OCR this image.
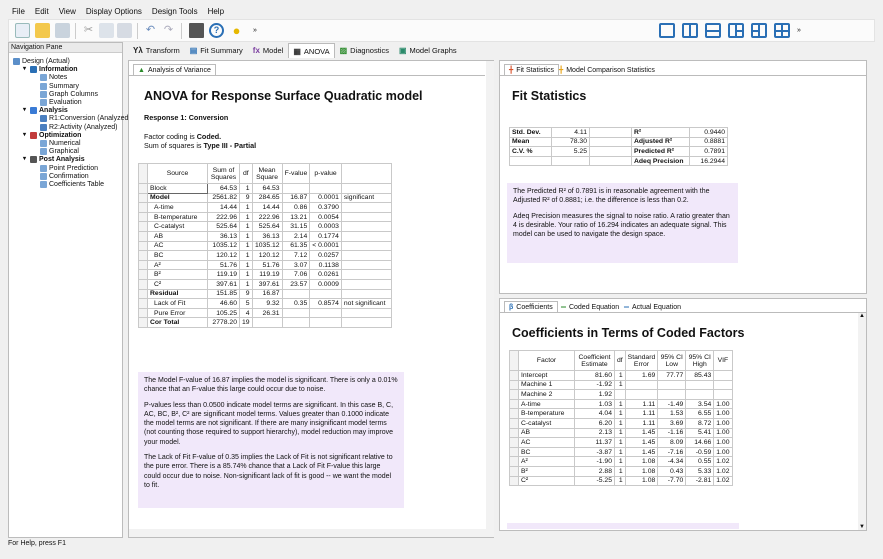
File Edit View Display Options Design Tools Help
✂	↶ ↷	?	●	»	»
Navigation Pane
Design (Actual)
▾ Information
Notes
Summary
Graph Columns
Evaluation
▾ Analysis
R1:Conversion (Analyzed
R2:Activity (Analyzed)
▾ Optimization
Numerical
Graphical
▾ Post Analysis
Point Prediction
Confirmation
Coefficients Table
Yλ Transform ▤ Fit Summary fx Model ▦ ANOVA ▨ Diagnostics ▣ Model Graphs
▲ Analysis of Variance
ANOVA for Response Surface Quadratic model
Response 1: Conversion
Factor coding is Coded.
Sum of squares is Type III - Partial
	Source	Sum of Squares	df	Mean Square	F-value	p-value	
	Block	64.53	1	64.53			
	Model	2561.82	9	284.65	16.87	0.0001	significant
	A-time	14.44	1	14.44	0.86	0.3790	
	B-temperature	222.96	1	222.96	13.21	0.0054	
	C-catalyst	525.64	1	525.64	31.15	0.0003	
	AB	36.13	1	36.13	2.14	0.1774	
	AC	1035.12	1	1035.12	61.35	< 0.0001	
	BC	120.12	1	120.12	7.12	0.0257	
	A²	51.76	1	51.76	3.07	0.1138	
	B²	119.19	1	119.19	7.06	0.0261	
	C²	397.61	1	397.61	23.57	0.0009	
	Residual	151.85	9	16.87			
	Lack of Fit	46.60	5	9.32	0.35	0.8574	not significant
	Pure Error	105.25	4	26.31			
	Cor Total	2778.20	19				

The Model F-value of 16.87 implies the model is significant. There is only a 0.01% chance that an F-value this large could occur due to noise.

P-values less than 0.0500 indicate model terms are significant. In this case B, C, AC, BC, B², C² are significant model terms. Values greater than 0.1000 indicate the model terms are not significant. If there are many insignificant model terms (not counting those required to support hierarchy), model reduction may improve your model.

The Lack of Fit F-value of 0.35 implies the Lack of Fit is not significant relative to the pure error. There is a 85.74% chance that a Lack of Fit F-value this large could occur due to noise. Non-significant lack of fit is good -- we want the model to fit.

╋ Fit Statistics ╋ Model Comparison Statistics
Fit Statistics
Std. Dev.	4.11		R²	0.9440
Mean	78.30		Adjusted R²	0.8881
C.V. %	5.25		Predicted R²	0.7891
			Adeq Precision	16.2944

The Predicted R² of 0.7891 is in reasonable agreement with the Adjusted R² of 0.8881; i.e. the difference is less than 0.2.

Adeq Precision measures the signal to noise ratio. A ratio greater than 4 is desirable. Your ratio of 16.294 indicates an adequate signal. This model can be used to navigate the design space.

β Coefficients ═ Coded Equation ═ Actual Equation
Coefficients in Terms of Coded Factors
	Factor	Coefficient Estimate	df	Standard Error	95% CI Low	95% CI High	VIF
	Intercept	81.60	1	1.69	77.77	85.43	
	Machine 1	-1.92	1				
	Machine 2	1.92					
	A-time	1.03	1	1.11	-1.49	3.54	1.00
	B-temperature	4.04	1	1.11	1.53	6.55	1.00
	C-catalyst	6.20	1	1.11	3.69	8.72	1.00
	AB	2.13	1	1.45	-1.16	5.41	1.00
	AC	11.37	1	1.45	8.09	14.66	1.00
	BC	-3.87	1	1.45	-7.16	-0.59	1.00
	A²	-1.90	1	1.08	-4.34	0.55	1.02
	B²	2.88	1	1.08	0.43	5.33	1.02
	C²	-5.25	1	1.08	-7.70	-2.81	1.02
▲
▼
For Help, press F1
